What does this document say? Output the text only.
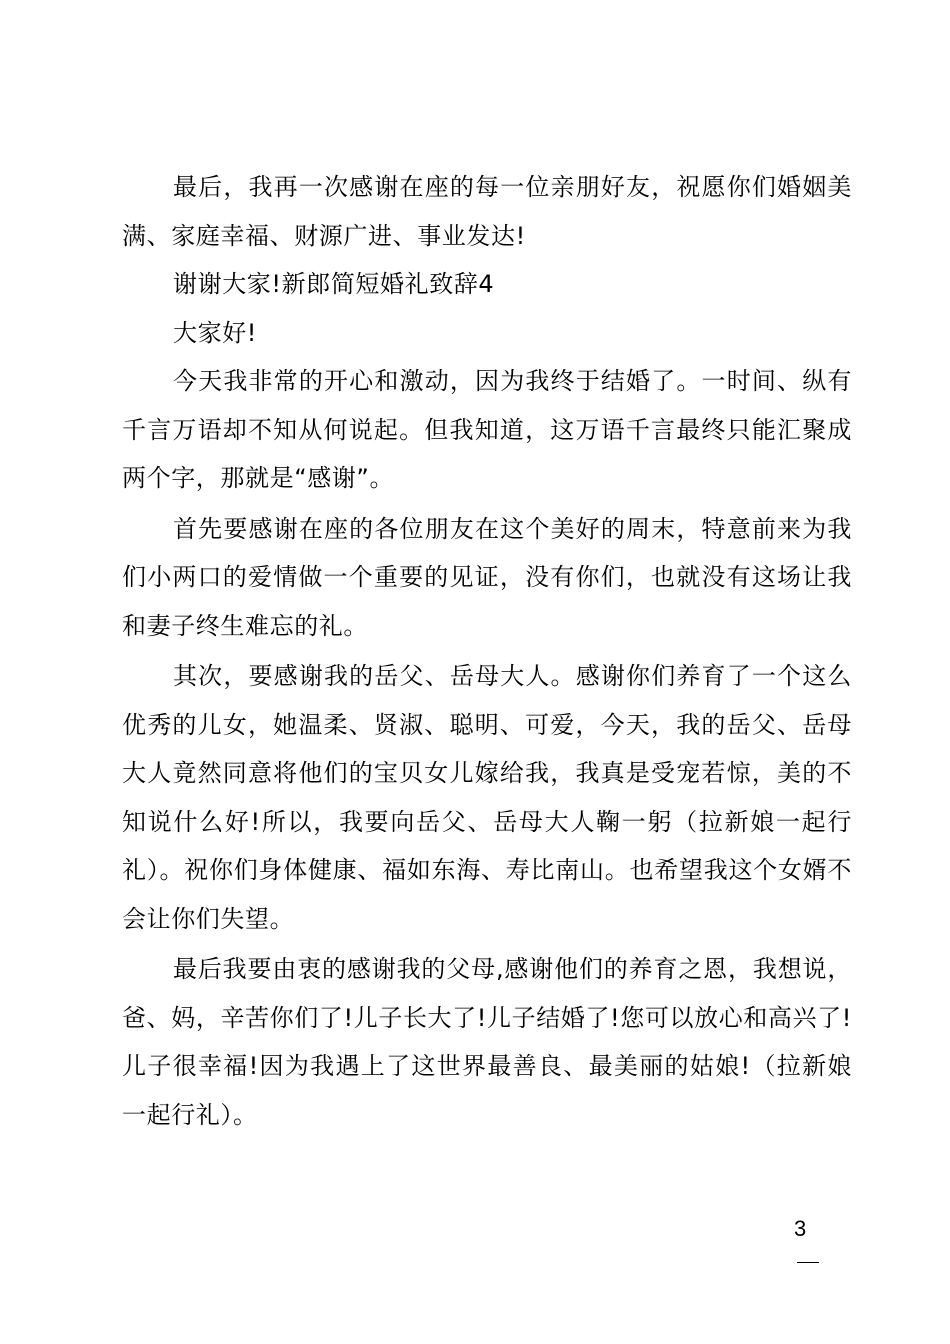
最后，我再一次感谢在座的每一位亲朋好友，祝愿你们婚姻美满、家庭幸福、财源广进、事业发达!

谢谢大家!新郎简短婚礼致辞4

大家好!

今天我非常的开心和激动，因为我终于结婚了。一时间、纵有千言万语却不知从何说起。但我知道，这万语千言最终只能汇聚成两个字，那就是“感谢”。

首先要感谢在座的各位朋友在这个美好的周末，特意前来为我们小两口的爱情做一个重要的见证，没有你们，也就没有这场让我和妻子终生难忘的礼。

其次，要感谢我的岳父、岳母大人。感谢你们养育了一个这么优秀的儿女，她温柔、贤淑、聪明、可爱，今天，我的岳父、岳母大人竟然同意将他们的宝贝女儿嫁给我，我真是受宠若惊，美的不知说什么好!所以，我要向岳父、岳母大人鞠一躬（拉新娘一起行礼）。祝你们身体健康、福如东海、寿比南山。也希望我这个女婿不会让你们失望。

最后我要由衷的感谢我的父母,感谢他们的养育之恩，我想说，爸、妈，辛苦你们了!儿子长大了!儿子结婚了!您可以放心和高兴了!儿子很幸福!因为我遇上了这世界最善良、最美丽的姑娘!（拉新娘一起行礼）。

3
